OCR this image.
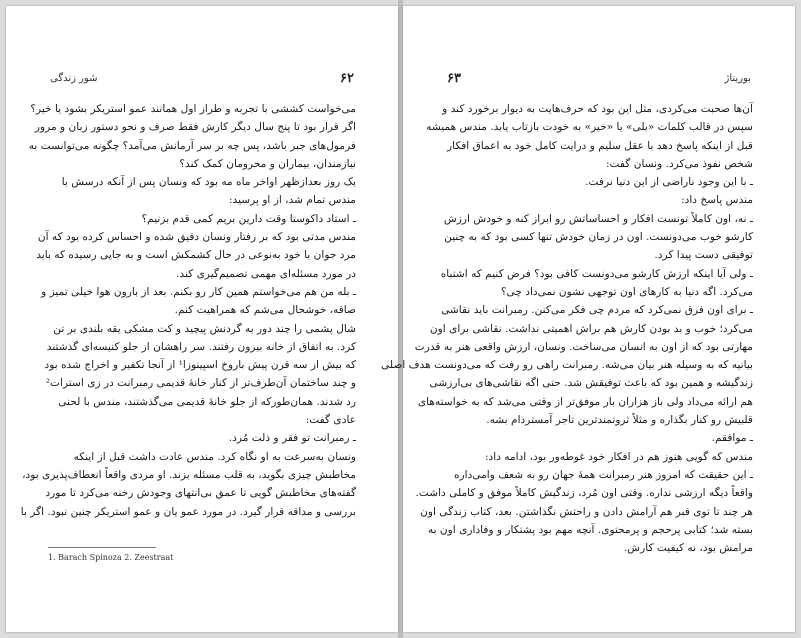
شور زندگی	۶۲
می‌خواست کششی با تجربه و طراز اول همانند عمو استریکر بشود یا خیر؟
اگر قرار بود تا پنج سال دیگر کارش فقط صرف و نحو دستور زبان و مرور
فرمول‌های جبر باشد، پس چه بر سر آرمانش می‌آمد؟ چگونه می‌توانست به
نیازمندان، بیماران و محرومان کمک کند؟
یک روز بعدازظهر اواخر ماه مه بود که ونسان پس از آنکه درسش با
مندس تمام شد، از او پرسید:
ـ استاد داکوستا وقت دارین بریم کمی قدم بزنیم؟
مندس مدتی بود که بر رفتار ونسان دقیق شده و احساس کرده بود که آن
مرد جوان با خود به‌نوعی در حال کشمکش است و به جایی رسیده که باید
در مورد مسئله‌ای مهمی تصمیم‌گیری کند.
ـ بله من هم می‌خواستم همین کار رو بکنم. بعد از بارون هوا خیلی تمیز و
صافه، خوشحال می‌شم که همراهیت کنم.
شال پشمی را چند دور به گردنش پیچید و کت مشکی یقه بلندی بر تن
کرد. به اتفاق از خانه بیرون رفتند. سر راهشان از جلو کنیسه‌ای گذشتند
که بیش از سه قرن پیش باروخ اسپینوزا¹ از آنجا تکفیر و اخراج شده بود
و چند ساختمان آن‌طرف‌تر از کنار خانهٔ قدیمی رمبرانت در زی استرات²
رد شدند. همان‌طورکه از جلو خانهٔ قدیمی می‌گذشتند، مندس با لحنی
عادی گفت:
ـ رمبرانت تو فقر و ذلت مُرد.
ونسان به‌سرعت به او نگاه کرد. مندس عادت داشت قبل از اینکه
مخاطبش چیزی بگوید، به قلب مسئله بزند. او مردی واقعاً انعطاف‌پذیری بود،
گفته‌های مخاطبش گویی تا عمق بی‌انتهای وجودش رخنه می‌کرد تا مورد
بررسی و مداقه قرار گیرد. در مورد عمو یان و عمو استریکر چنین نبود. اگر با
1. Barach Spinoza 2. Zeestraat
۶۳	بوریناژ
آن‌ها صحبت می‌کردی، مثل این بود که حرف‌هایت به دیوار برخورد کند و
سپس در قالب کلمات «بلی» یا «خیر» به خودت بازتاب یابد. مندس همیشه
قبل از اینکه پاسخ دهد با عقل سلیم و درایت کامل خود به اعماق افکار
شخص نفوذ می‌کرد. ونسان گفت:
ـ با این وجود ناراضی از این دنیا نرفت.
مندس پاسخ داد:
ـ نه، اون کاملاً تونست افکار و احساساتش رو ابراز کنه و خودش ارزش
کارشو خوب می‌دونست. اون در زمان خودش تنها کسی بود که به چنین
توفیقی دست پیدا کرد.
ـ ولی آیا اینکه ارزش کارشو می‌دونست کافی بود؟ فرض کنیم که اشتباه
می‌کرد. اگه دنیا به کارهای اون توجهی نشون نمی‌داد چی؟
ـ برای اون فرق نمی‌کرد که مردم چی فکر می‌کنن. رمبرانت باید نقاشی
می‌کرد؛ خوب و بد بودن کارش هم براش اهمیتی نداشت. نقاشی برای اون
مهارتی بود که از اون به انسان می‌ساخت. ونسان، ارزش واقعی هنر به قدرت
بیانیه که به وسیله هنر بیان می‌شه. رمبرانت راهی رو رفت که می‌دونست هدف اصلی
زندگیشه و همین بود که باعث توفیقش شد. حتی اگه نقاشی‌های بی‌ارزشی
هم ارائه می‌داد ولی باز هزاران بار موفق‌تر از وقتی می‌شد که به خواسته‌های
قلبیش رو کنار بگذاره و مثلاً ثروتمندترین تاجر آمستردام بشه.
ـ موافقم.
مندس که گویی هنوز هم در افکار خود غوطه‌ور بود، ادامه داد:
ـ این حقیقت که امروز هنر رمبرانت همهٔ جهان رو به شعف وامی‌داره
واقعاً دیگه ارزشی نداره. وقتی اون مُرد، زندگیش کاملاً موفق و کاملی داشت.
هر چند تا توی قبر هم آرامش دادن و راحتش نگذاشتن. بعد، کتاب زندگی اون
بسته شد؛ کتابی پرحجم و پرمحتوی. آنچه مهم بود پشتکار و وفاداری اون به
مرامش بود، نه کیفیت کارش.
